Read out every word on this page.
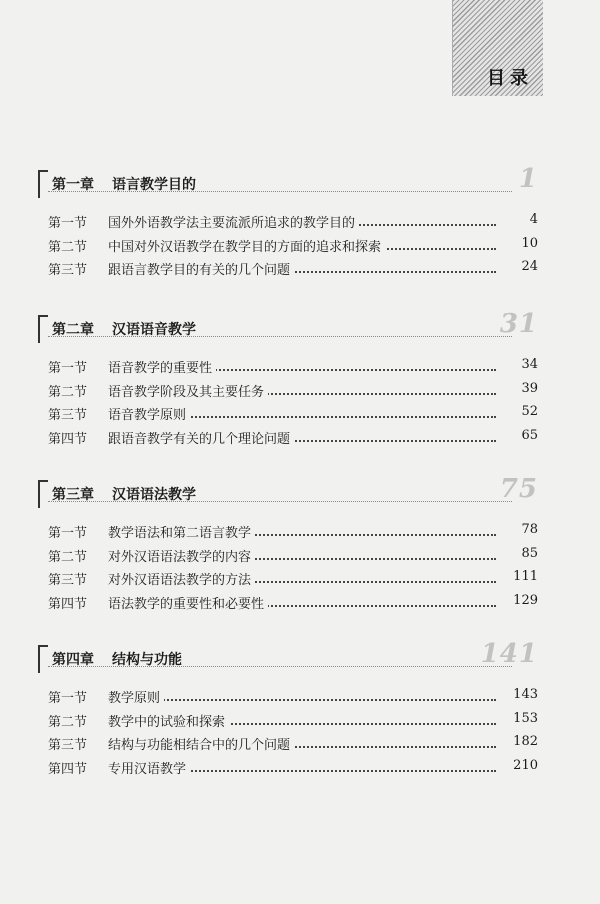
目录
第一章 语言教学目的	1
第一节 国外外语教学法主要流派所追求的教学目的	4
第二节 中国对外汉语教学在教学目的方面的追求和探索	10
第三节 跟语言教学目的有关的几个问题	24
第二章 汉语语音教学	31
第一节 语音教学的重要性	34
第二节 语音教学阶段及其主要任务	39
第三节 语音教学原则	52
第四节 跟语音教学有关的几个理论问题	65
第三章 汉语语法教学	75
第一节 教学语法和第二语言教学	78
第二节 对外汉语语法教学的内容	85
第三节 对外汉语语法教学的方法	111
第四节 语法教学的重要性和必要性	129
第四章 结构与功能	141
第一节 教学原则	143
第二节 教学中的试验和探索	153
第三节 结构与功能相结合中的几个问题	182
第四节 专用汉语教学	210
